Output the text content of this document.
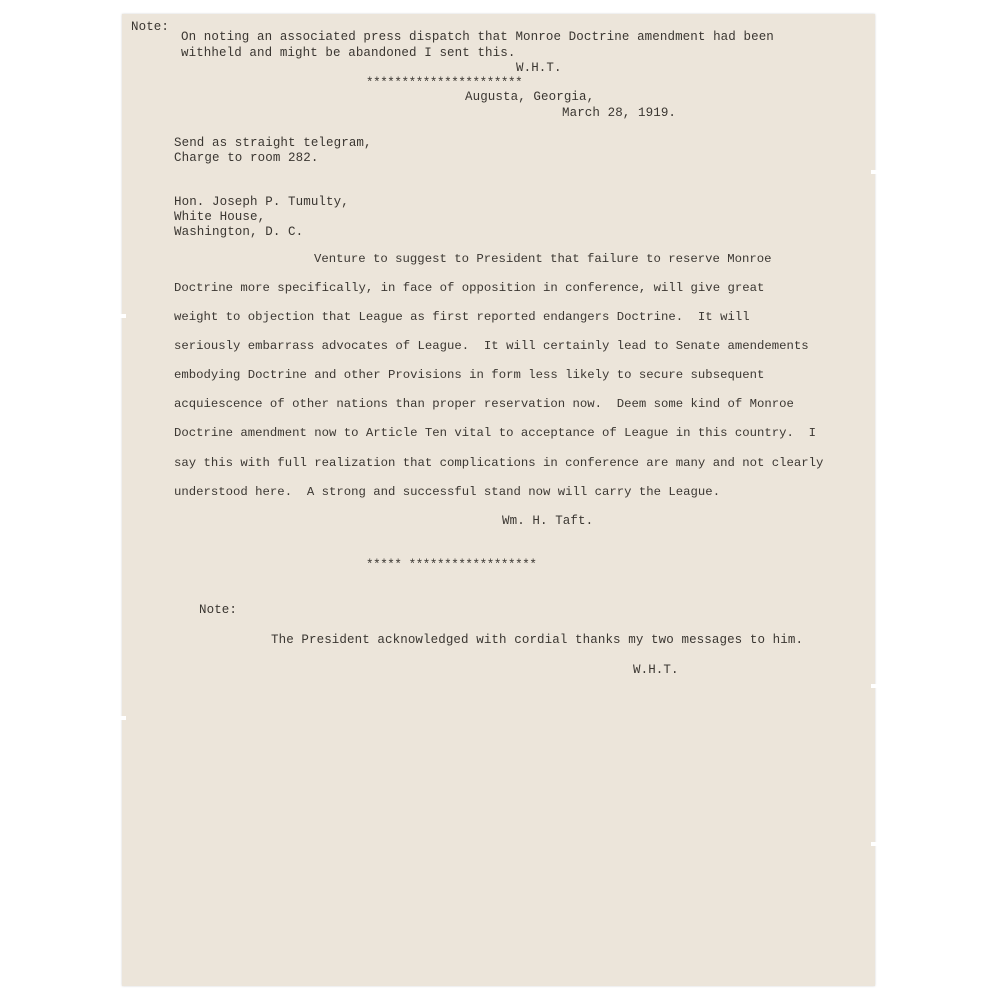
Note:
On noting an associated press dispatch that Monroe Doctrine amendment had been
withheld and might be abandoned I sent this.
W.H.T.
**********************
Augusta, Georgia,
March 28, 1919.
Send as straight telegram,
Charge to room 282.
Hon. Joseph P. Tumulty,
White House,
Washington, D. C.
Venture to suggest to President that failure to reserve Monroe
Doctrine more specifically, in face of opposition in conference, will give great
weight to objection that League as first reported endangers Doctrine.  It will
seriously embarrass advocates of League.  It will certainly lead to Senate amendements
embodying Doctrine and other Provisions in form less likely to secure subsequent
acquiescence of other nations than proper reservation now.  Deem some kind of Monroe
Doctrine amendment now to Article Ten vital to acceptance of League in this country.  I
say this with full realization that complications in conference are many and not clearly
understood here.  A strong and successful stand now will carry the League.
Wm. H. Taft.
***** ******************
Note:
The President acknowledged with cordial thanks my two messages to him.
W.H.T.
